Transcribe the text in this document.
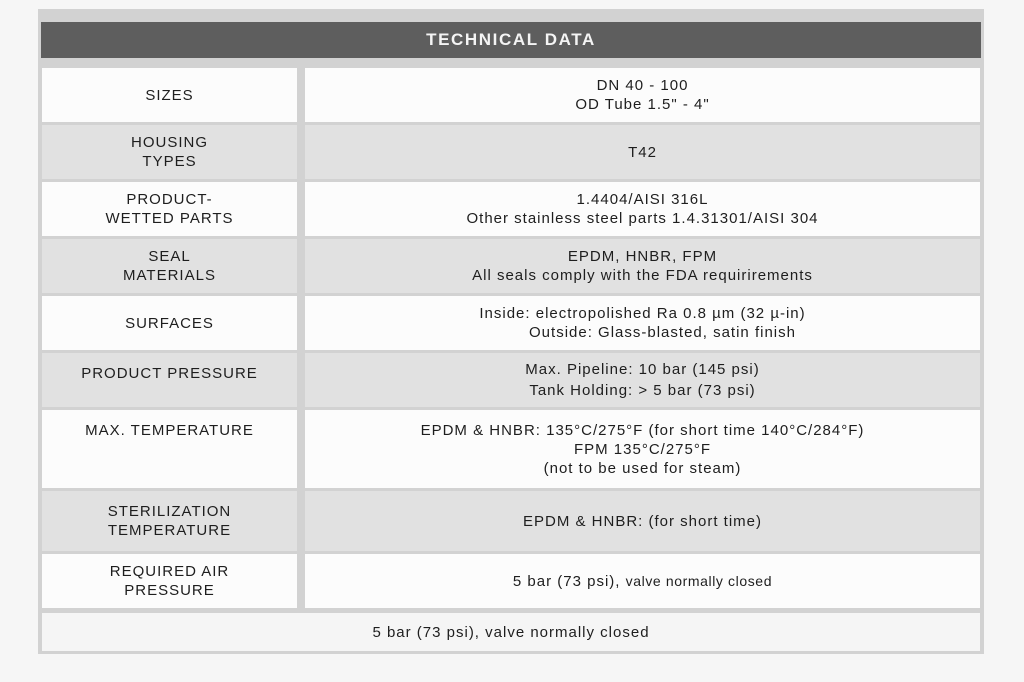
TECHNICAL DATA
SIZES
DN 40 - 100
OD Tube 1.5" - 4"
HOUSING
TYPES
T42
PRODUCT-
WETTED PARTS
1.4404/AISI 316L
Other stainless steel parts 1.4.31301/AISI 304
SEAL
MATERIALS
EPDM, HNBR, FPM
All seals comply with the FDA requirirements
SURFACES
Inside: electropolished Ra 0.8 µm (32 µ-in)
Outside: Glass-blasted, satin finish
PRODUCT PRESSURE	Max. Pipeline: 10 bar (145 psi)
Tank Holding: > 5 bar (73 psi)
MAX. TEMPERATURE	EPDM & HNBR: 135°C/275°F (for short time 140°C/284°F)
FPM 135°C/275°F
(not to be used for steam)
STERILIZATION
TEMPERATURE
EPDM & HNBR: (for short time)
REQUIRED AIR
PRESSURE
5 bar (73 psi), valve normally closed
5 bar (73 psi), valve normally closed
